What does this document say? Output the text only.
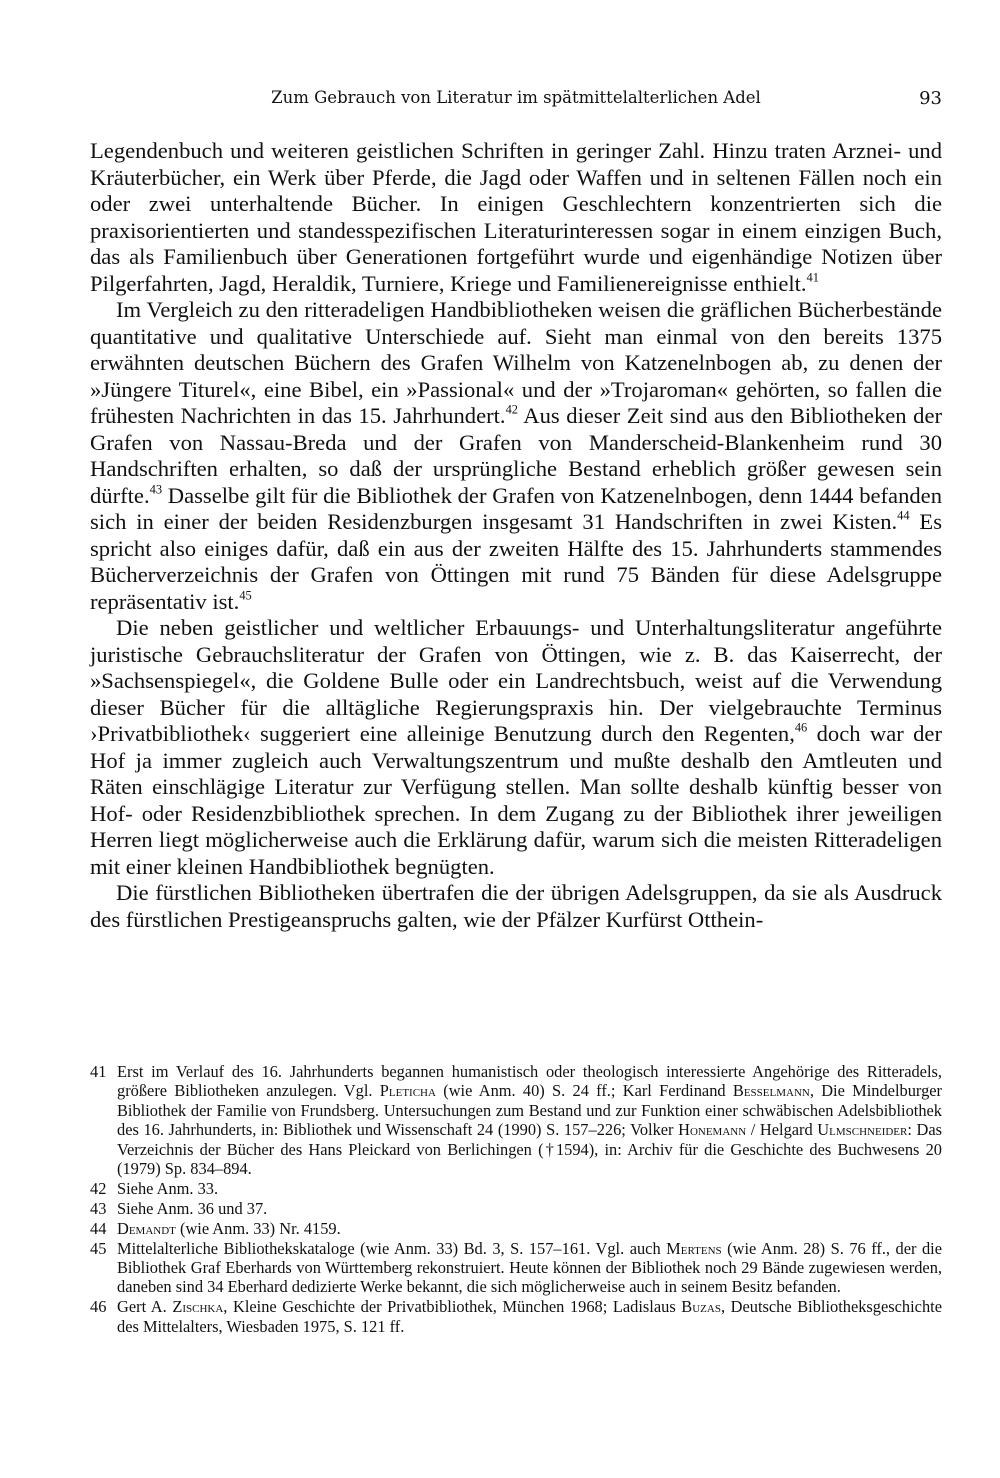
Zum Gebrauch von Literatur im spätmittelalterlichen Adel	93

Legendenbuch und weiteren geistlichen Schriften in geringer Zahl. Hinzu traten Arznei- und Kräuterbücher, ein Werk über Pferde, die Jagd oder Waffen und in seltenen Fällen noch ein oder zwei unterhaltende Bücher. In einigen Geschlechtern konzentrierten sich die praxisorientierten und standesspezifischen Literaturinteressen sogar in einem einzigen Buch, das als Familienbuch über Generationen fortgeführt wurde und eigenhändige Notizen über Pilgerfahrten, Jagd, Heraldik, Turniere, Kriege und Familienereignisse enthielt.$^{41}$

Im Vergleich zu den ritteradeligen Handbibliotheken weisen die gräflichen Bücherbestände quantitative und qualitative Unterschiede auf. Sieht man einmal von den bereits 1375 erwähnten deutschen Büchern des Grafen Wilhelm von Katzenelnbogen ab, zu denen der »Jüngere Titurel«, eine Bibel, ein »Passional« und der »Trojaroman« gehörten, so fallen die frühesten Nachrichten in das 15. Jahrhundert.$^{42}$ Aus dieser Zeit sind aus den Bibliotheken der Grafen von Nassau-Breda und der Grafen von Manderscheid-Blankenheim rund 30 Handschriften erhalten, so daß der ursprüngliche Bestand erheblich größer gewesen sein dürfte.$^{43}$ Dasselbe gilt für die Bibliothek der Grafen von Katzenelnbogen, denn 1444 befanden sich in einer der beiden Residenzburgen insgesamt 31 Handschriften in zwei Kisten.$^{44}$ Es spricht also einiges dafür, daß ein aus der zweiten Hälfte des 15. Jahrhunderts stammendes Bücherverzeichnis der Grafen von Öttingen mit rund 75 Bänden für diese Adelsgruppe repräsentativ ist.$^{45}$

Die neben geistlicher und weltlicher Erbauungs- und Unterhaltungsliteratur angeführte juristische Gebrauchsliteratur der Grafen von Öttingen, wie z. B. das Kaiserrecht, der »Sachsenspiegel«, die Goldene Bulle oder ein Landrechtsbuch, weist auf die Verwendung dieser Bücher für die alltägliche Regierungspraxis hin. Der vielgebrauchte Terminus ›Privatbibliothek‹ suggeriert eine alleinige Benutzung durch den Regenten,$^{46}$ doch war der Hof ja immer zugleich auch Verwaltungszentrum und mußte deshalb den Amtleuten und Räten einschlägige Literatur zur Verfügung stellen. Man sollte deshalb künftig besser von Hof- oder Residenzbibliothek sprechen. In dem Zugang zu der Bibliothek ihrer jeweiligen Herren liegt möglicherweise auch die Erklärung dafür, warum sich die meisten Ritteradeligen mit einer kleinen Handbibliothek begnügten.

Die fürstlichen Bibliotheken übertrafen die der übrigen Adelsgruppen, da sie als Ausdruck des fürstlichen Prestigeanspruchs galten, wie der Pfälzer Kurfürst Otthein-

41 Erst im Verlauf des 16. Jahrhunderts begannen humanistisch oder theologisch interessierte Angehörige des Ritteradels, größere Bibliotheken anzulegen. Vgl. Pleticha (wie Anm. 40) S. 24 ff.; Karl Ferdinand Besselmann, Die Mindelburger Bibliothek der Familie von Frundsberg. Untersuchungen zum Bestand und zur Funktion einer schwäbischen Adelsbibliothek des 16. Jahrhunderts, in: Bibliothek und Wissenschaft 24 (1990) S. 157–226; Volker Honemann / Helgard Ulmschneider: Das Verzeichnis der Bücher des Hans Pleickard von Berlichingen (†1594), in: Archiv für die Geschichte des Buchwesens 20 (1979) Sp. 834–894.
42 Siehe Anm. 33.
43 Siehe Anm. 36 und 37.
44 Demandt (wie Anm. 33) Nr. 4159.
45 Mittelalterliche Bibliothekskataloge (wie Anm. 33) Bd. 3, S. 157–161. Vgl. auch Mertens (wie Anm. 28) S. 76 ff., der die Bibliothek Graf Eberhards von Württemberg rekonstruiert. Heute können der Bibliothek noch 29 Bände zugewiesen werden, daneben sind 34 Eberhard dedizierte Werke bekannt, die sich möglicherweise auch in seinem Besitz befanden.
46 Gert A. Zischka, Kleine Geschichte der Privatbibliothek, München 1968; Ladislaus Buzas, Deutsche Bibliotheksgeschichte des Mittelalters, Wiesbaden 1975, S. 121 ff.
